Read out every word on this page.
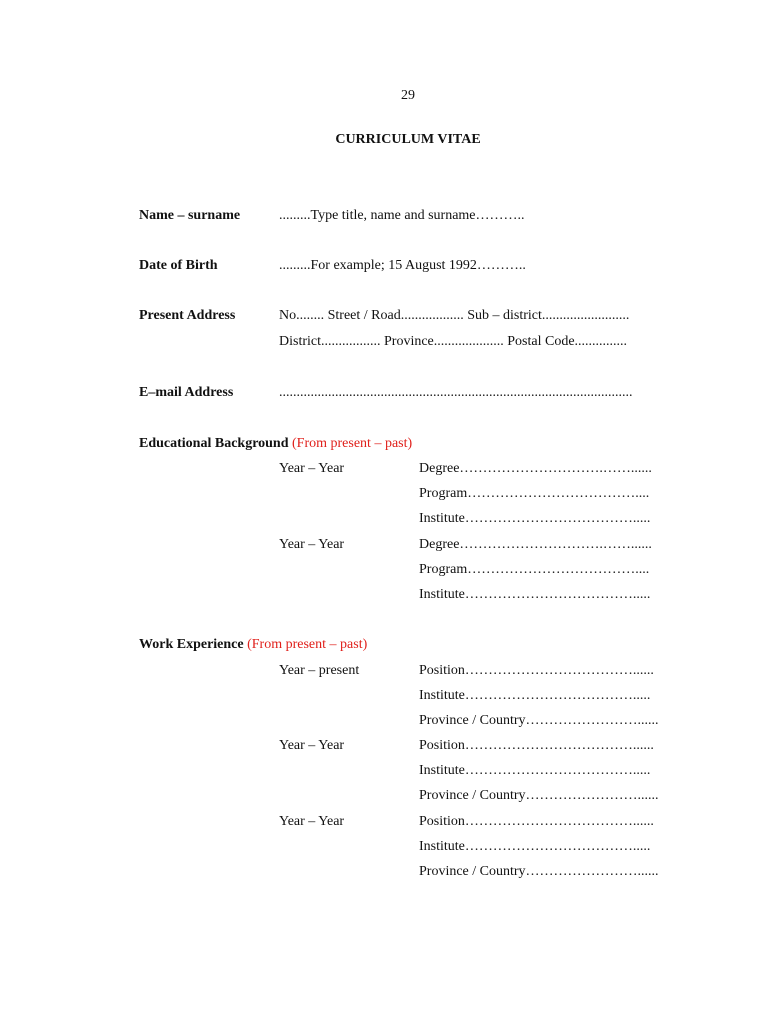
29
CURRICULUM VITAE
Name – surname	.........Type title, name and surname………..
Date of Birth	.........For example; 15 August 1992………..
Present Address	No........ Street / Road.................. Sub – district.........................
District................. Province.................... Postal Code...............
E–mail Address	.....................................................................................................
Educational Background (From present – past)
Year – Year	Degree………………………….……......
Program………………………………....
Institute……………………………….....
Year – Year	Degree………………………….……......
Program………………………………....
Institute……………………………….....
Work Experience (From present – past)
Year – present	Position………………………………......
Institute……………………………….....
Province / Country……………………......
Year – Year	Position………………………………......
Institute……………………………….....
Province / Country……………………......
Year – Year	Position………………………………......
Institute……………………………….....
Province / Country……………………......
